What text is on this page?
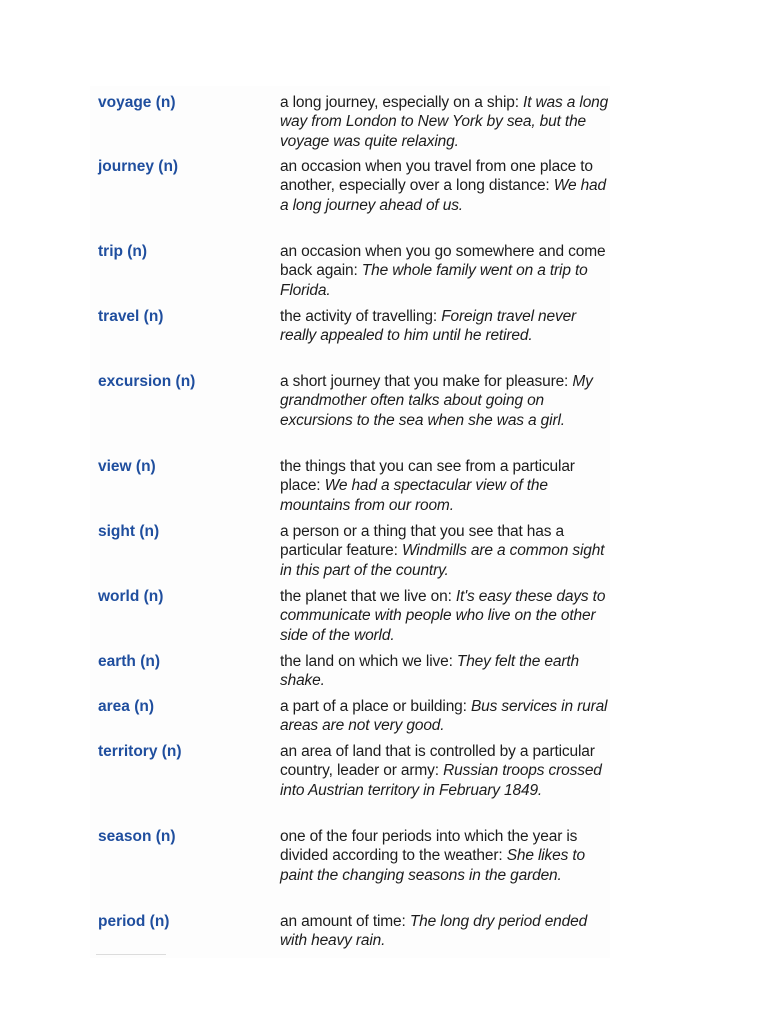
voyage (n)	a long journey, especially on a ship: It was a long way from London to New York by sea, but the voyage was quite relaxing.
journey (n)	an occasion when you travel from one place to another, especially over a long distance: We had a long journey ahead of us.
trip (n)	an occasion when you go somewhere and come back again: The whole family went on a trip to Florida.
travel (n)	the activity of travelling: Foreign travel never really appealed to him until he retired.
excursion (n)	a short journey that you make for pleasure: My grandmother often talks about going on excursions to the sea when she was a girl.
view (n)	the things that you can see from a particular place: We had a spectacular view of the mountains from our room.
sight (n)	a person or a thing that you see that has a particular feature: Windmills are a common sight in this part of the country.
world (n)	the planet that we live on: It's easy these days to communicate with people who live on the other side of the world.
earth (n)	the land on which we live: They felt the earth shake.
area (n)	a part of a place or building: Bus services in rural areas are not very good.
territory (n)	an area of land that is controlled by a particular country, leader or army: Russian troops crossed into Austrian territory in February 1849.
season (n)	one of the four periods into which the year is divided according to the weather: She likes to paint the changing seasons in the garden.
period (n)	an amount of time: The long dry period ended with heavy rain.
